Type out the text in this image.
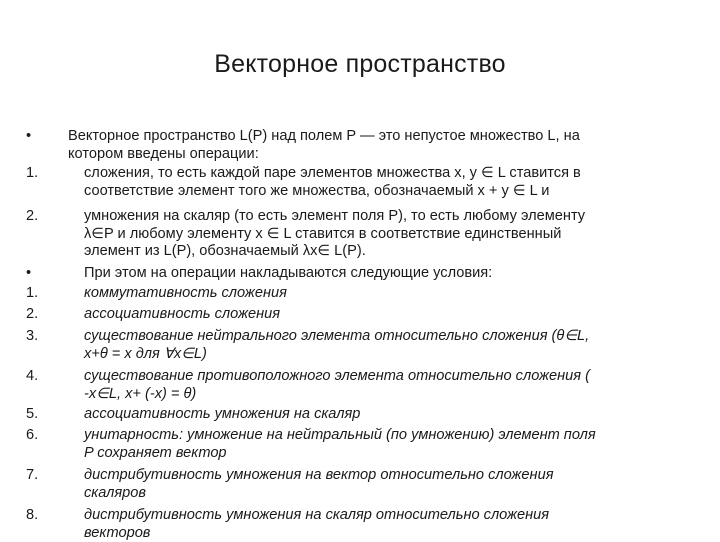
Векторное пространство
•	Векторное пространство L(P) над полем P — это непустое множество L, на
которoм введены операции:
1.	сложения, то есть каждой паре элементов множества x, y ∈ L ставится в
соответствие элемент того же множества, обозначаемый x + y ∈ L и
2.	умножения на скаляр (то есть элемент поля P), то есть любому элементу
λ∈P и любому элементу x ∈ L ставится в соответствие единственный
элемент из L(P), обозначаемый λx∈ L(P).
•	При этом на операции накладываются следующие условия:
1.	коммутативность сложения
2.	ассоциативность сложения
3.	существование нейтрального элемента относительно сложения (θ∈L,
x+θ = x для ∀x∈L)
4.	существование противоположного элемента относительно сложения (
-x∈L, x+ (-x) = θ)
5.	ассоциативность умножения на скаляр
6.	унитарность: умножение на нейтральный (по умножению) элемент поля
P сохраняет вектор
7.	дистрибутивность умножения на вектор относительно сложения
скаляров
8.	дистрибутивность умножения на скаляр относительно сложения
векторов
